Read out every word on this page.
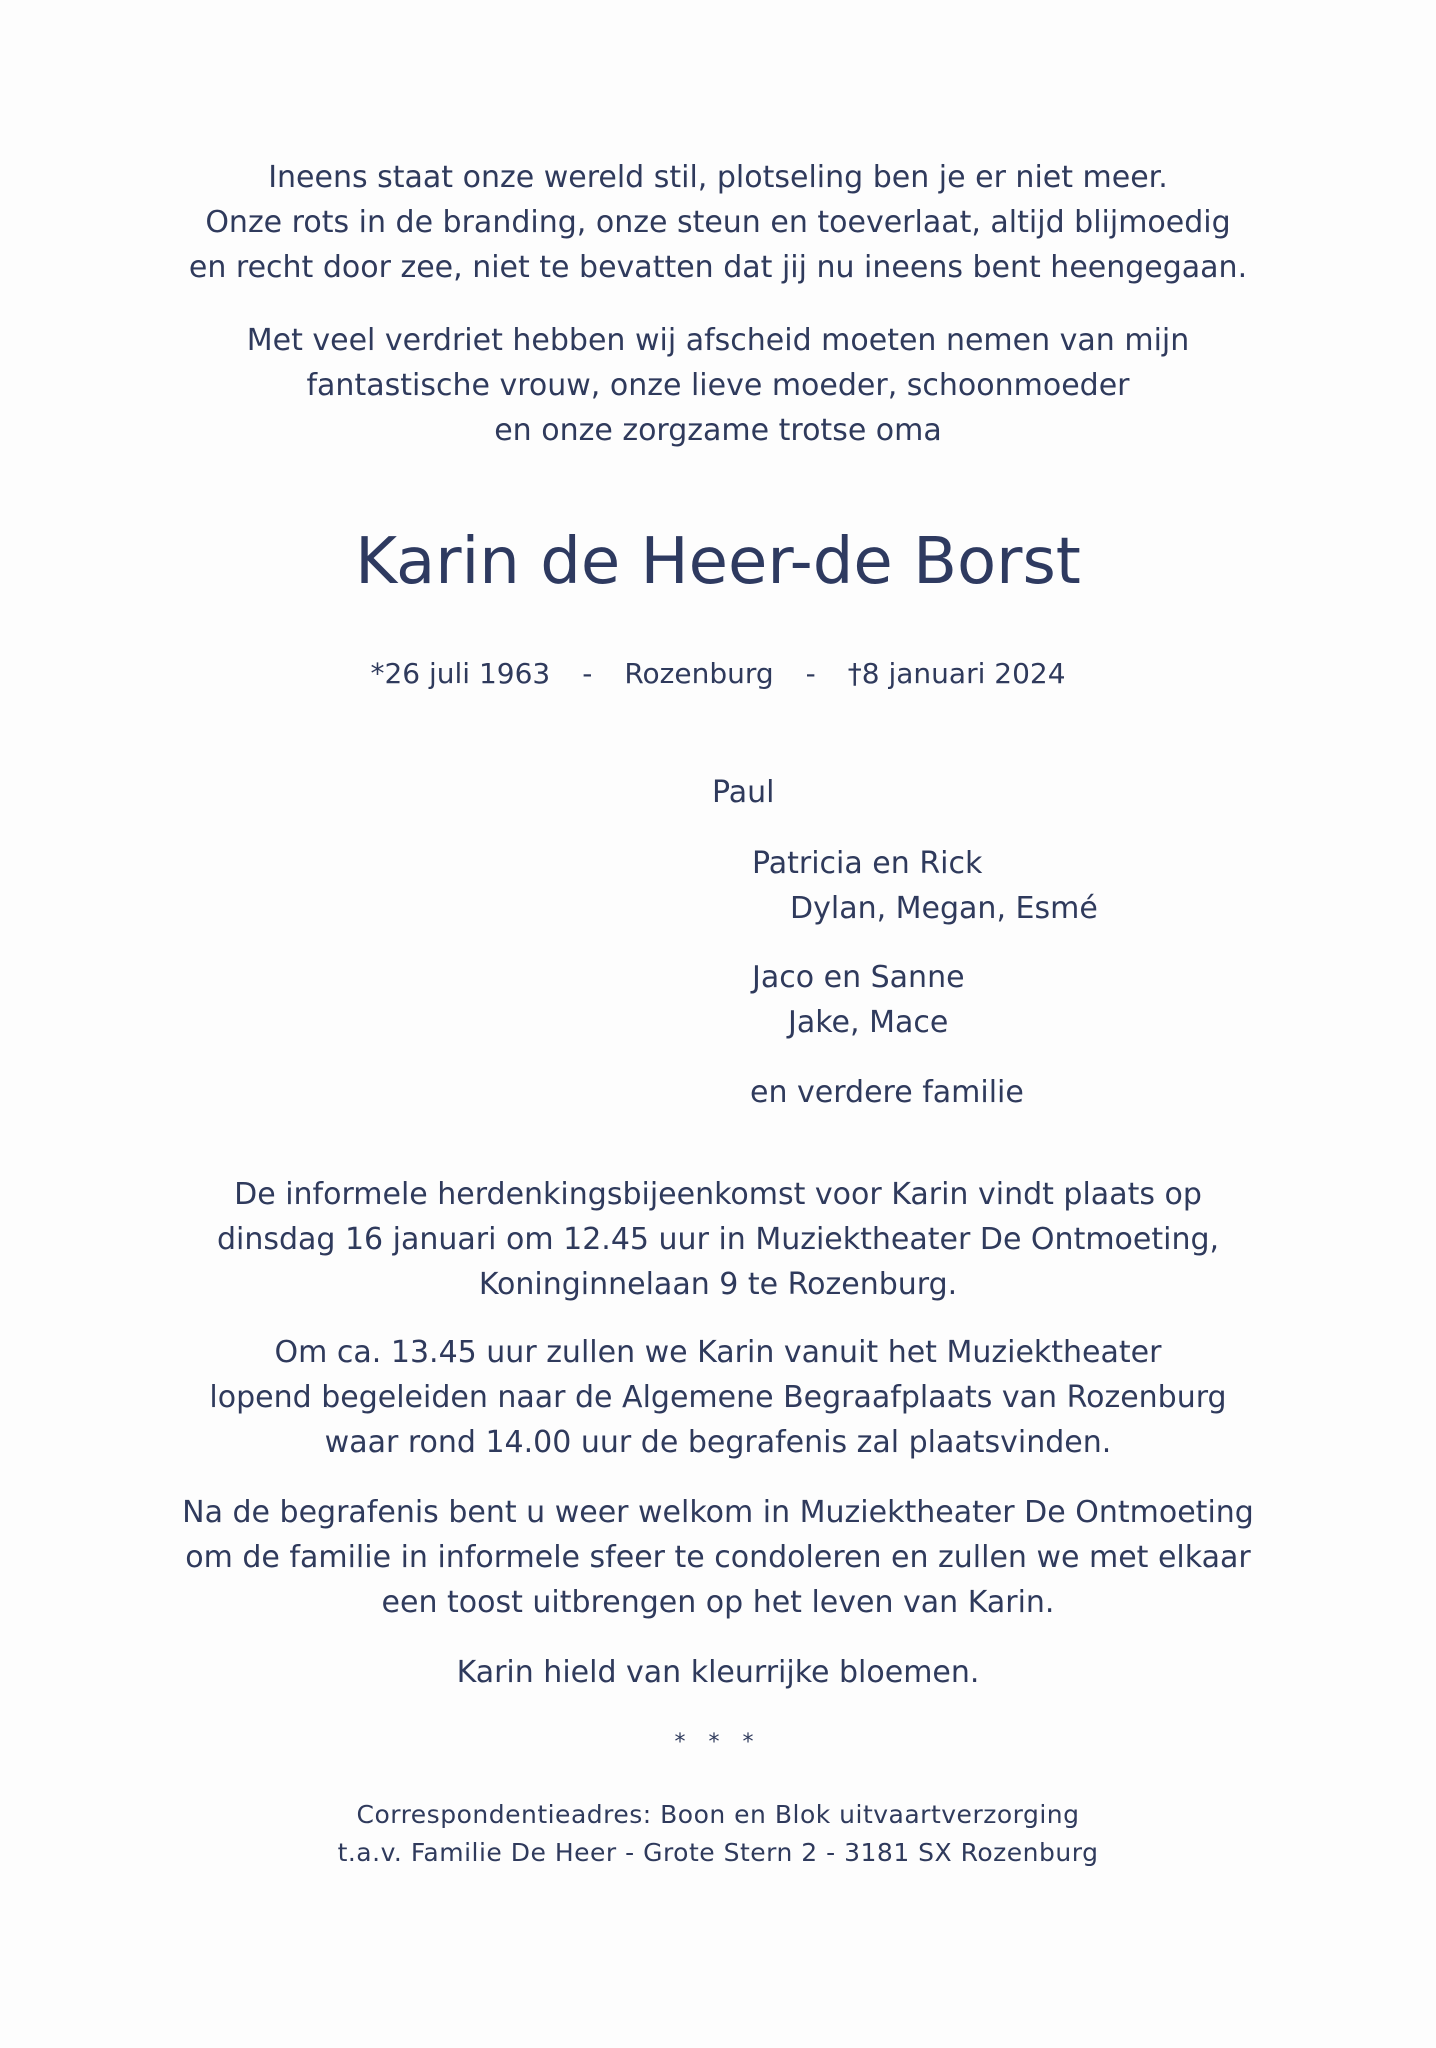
Ineens staat onze wereld stil, plotseling ben je er niet meer.

Onze rots in de branding, onze steun en toeverlaat, altijd blijmoedig

en recht door zee, niet te bevatten dat jij nu ineens bent heengegaan.

Met veel verdriet hebben wij afscheid moeten nemen van mijn

fantastische vrouw, onze lieve moeder, schoonmoeder

en onze zorgzame trotse oma

Karin de Heer-de Borst
*26 juli 1963 - Rozenburg - †8 januari 2024
Paul
Patricia en Rick
Dylan, Megan, Esmé
Jaco en Sanne
Jake, Mace
en verdere familie

De informele herdenkingsbijeenkomst voor Karin vindt plaats op

dinsdag 16 januari om 12.45 uur in Muziektheater De Ontmoeting,

Koninginnelaan 9 te Rozenburg.

Om ca. 13.45 uur zullen we Karin vanuit het Muziektheater

lopend begeleiden naar de Algemene Begraafplaats van Rozenburg

waar rond 14.00 uur de begrafenis zal plaatsvinden.

Na de begrafenis bent u weer welkom in Muziektheater De Ontmoeting

om de familie in informele sfeer te condoleren en zullen we met elkaar

een toost uitbrengen op het leven van Karin.

Karin hield van kleurrijke bloemen.
* * *

Correspondentieadres: Boon en Blok uitvaartverzorging

t.a.v. Familie De Heer - Grote Stern 2 - 3181 SX Rozenburg
